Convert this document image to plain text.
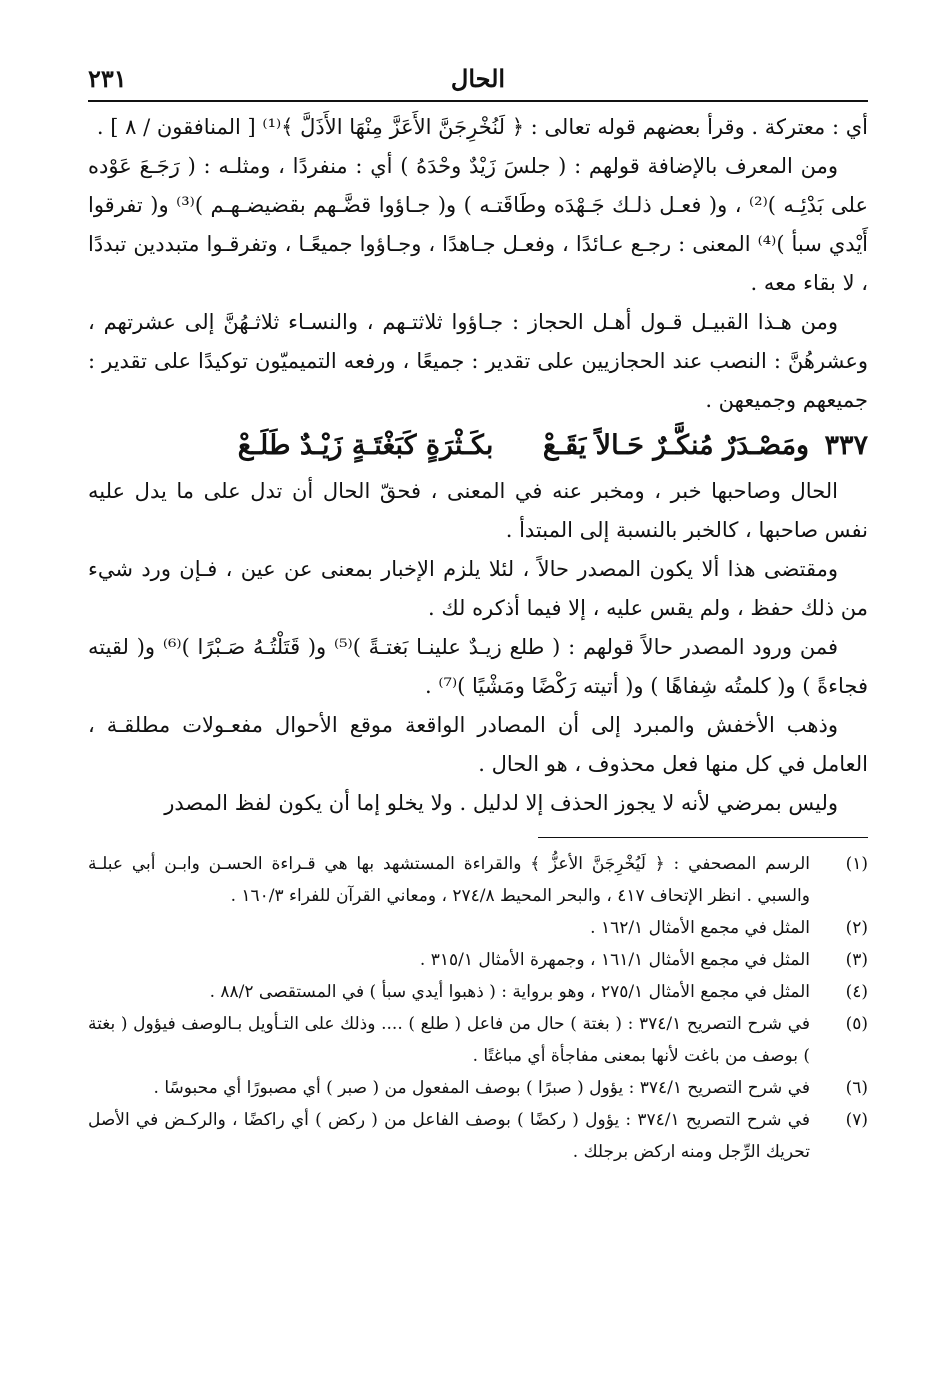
الحال
٢٣١

أي : معتركة . وقرأ بعضهم قوله تعالى : ﴿ لَنُخْرِجَنَّ الأَعَزَّ مِنْهَا الأَذَلَّ ﴾⁽¹⁾ [ المنافقون / ٨ ] .

ومن المعرف بالإضافة قولهم : ( جلسَ زَيْدٌ وحْدَهُ ) أي : منفردًا ، ومثلـه : ( رَجَـعَ عَوْده على بَدْئِـه )⁽²⁾ ، و( فعـل ذلـك جَـهْدَه وطَاقَتـه ) و( جـاؤوا قضَّـهم بقضيضـهـم )⁽³⁾ و( تفرقوا أَيْدي سبأ )⁽⁴⁾ المعنى : رجـع عـائدًا ، وفعـل جـاهدًا ، وجـاؤوا جميعًـا ، وتفرقـوا متبددين تبددًا ، لا بقاء معه .

ومن هـذا القبيـل قـول أهـل الحجاز : جـاؤوا ثلاثتـهم ، والنسـاء ثلاثـهُنَّ إلى عشرتهم ، وعشرهُنَّ : النصب عند الحجازيين على تقدير : جميعًا ، ورفعه التميميّون توكيدًا على تقدير : جميعهم وجميعهن .

٣٣٧ ومَصْـدَرٌ مُنكَّـرٌ حَـالاً يَقَـعْ بكَـثْرَةٍ كَبَغْتَـةٍ زَيْـدٌ طَلَـعْ

الحال وصاحبها خبر ، ومخبر عنه في المعنى ، فحقّ الحال أن تدل على ما يدل عليه نفس صاحبها ، كالخبر بالنسبة إلى المبتدأ .

ومقتضى هذا ألا يكون المصدر حالاً ، لئلا يلزم الإخبار بمعنى عن عين ، فـإن ورد شيء من ذلك حفظ ، ولم يقس عليه ، إلا فيما أذكره لك .

فمن ورود المصدر حالاً قولهم : ( طلع زيـدٌ علينـا بَغتـةً )⁽⁵⁾ و( قَتَلْتُـهُ صَـبْرًا )⁽⁶⁾ و( لقيته فجاءةً ) و( كلمتُه شِفاهًا ) و( أتيته رَكْضًا ومَشْيًا )⁽⁷⁾ .

وذهب الأخفش والمبرد إلى أن المصادر الواقعة موقع الأحوال مفعـولات مطلقـة ، العامل في كل منها فعل محذوف ، هو الحال .

وليس بمرضي لأنه لا يجوز الحذف إلا لدليل . ولا يخلو إما أن يكون لفظ المصدر

(١)
الرسم المصحفي : ﴿ لَيُخْرِجَنَّ الأعزُّ ﴾ والقراءة المستشهد بها هي قـراءة الحسـن وابـن أبي عبلـة والسبي . انظر الإتحاف ٤١٧ ، والبحر المحيط ٢٧٤/٨ ، ومعاني القرآن للفراء ١٦٠/٣ .

(٢)
المثل في مجمع الأمثال ١٦٢/١ .

(٣)
المثل في مجمع الأمثال ١٦١/١ ، وجمهرة الأمثال ٣١٥/١ .

(٤)
المثل في مجمع الأمثال ٢٧٥/١ ، وهو برواية : ( ذهبوا أيدي سبأ ) في المستقصى ٨٨/٢ .

(٥)
في شرح التصريح ٣٧٤/١ : ( بغتة ) حال من فاعل ( طلع ) .... وذلك على التـأويل بـالوصف فيؤول ( بغتة ) بوصف من باغت لأنها بمعنى مفاجأة أي مباغتًا .

(٦)
في شرح التصريح ٣٧٤/١ : يؤول ( صبرًا ) بوصف المفعول من ( صبر ) أي مصبورًا أي محبوسًا .

(٧)
في شرح التصريح ٣٧٤/١ : يؤول ( ركضًا ) بوصف الفاعل من ( ركض ) أي راكضًا ، والركـض في الأصل تحريك الرِّجل ومنه اركض برجلك .
